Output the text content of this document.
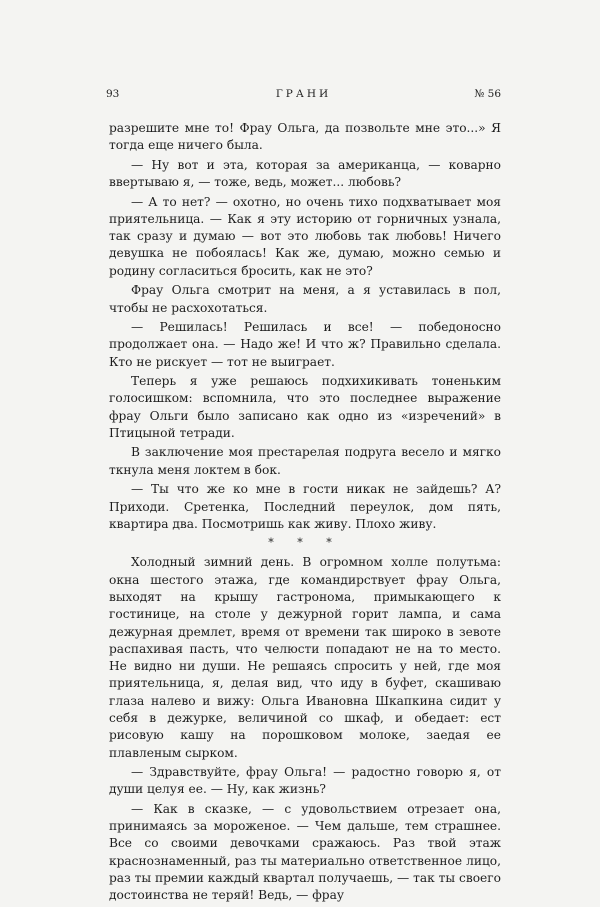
93	ГРАНИ	№ 56

разрешите мне то! Фрау Ольга, да позвольте мне это...» Я тогда еще ничего была.

— Ну вот и эта, которая за американца, — коварно ввертываю я, — тоже, ведь, может... любовь?

— А то нет? — охотно, но очень тихо подхватывает моя приятельница. — Как я эту историю от горничных узнала, так сразу и думаю — вот это любовь так любовь! Ничего девушка не побоялась! Как же, думаю, можно семью и родину согласиться бросить, как не это?

Фрау Ольга смотрит на меня, а я уставилась в пол, чтобы не расхохотаться.

— Решилась! Решилась и все! — победоносно продолжает она. — Надо же! И что ж? Правильно сделала. Кто не рискует — тот не выиграет.

Теперь я уже решаюсь подхихикивать тоненьким голосишком: вспомнила, что это последнее выражение фрау Ольги было записано как одно из «изречений» в Птицыной тетради.

В заключение моя престарелая подруга весело и мягко ткнула меня локтем в бок.

— Ты что же ко мне в гости никак не зайдешь? А? Приходи. Сретенка, Последний переулок, дом пять, квартира два. Посмотришь как живу. Плохо живу.

* * *

Холодный зимний день. В огромном холле полутьма: окна шестого этажа, где командирствует фрау Ольга, выходят на крышу гастронома, примыкающего к гостинице, на столе у дежурной горит лампа, и сама дежурная дремлет, время от времени так широко в зевоте распахивая пасть, что челюсти попадают не на то место. Не видно ни души. Не решаясь спросить у ней, где моя приятельница, я, делая вид, что иду в буфет, скашиваю глаза налево и вижу: Ольга Ивановна Шкапкина сидит у себя в дежурке, величиной со шкаф, и обедает: ест рисовую кашу на порошковом молоке, заедая ее плавленым сырком.

— Здравствуйте, фрау Ольга! — радостно говорю я, от души целуя ее. — Ну, как жизнь?

— Как в сказке, — с удовольствием отрезает она, принимаясь за мороженое. — Чем дальше, тем страшнее. Все со своими девочками сражаюсь. Раз твой этаж краснознаменный, раз ты материально ответственное лицо, раз ты премии каждый квартал получаешь, — так ты своего достоинства не теряй! Ведь, — фрау
